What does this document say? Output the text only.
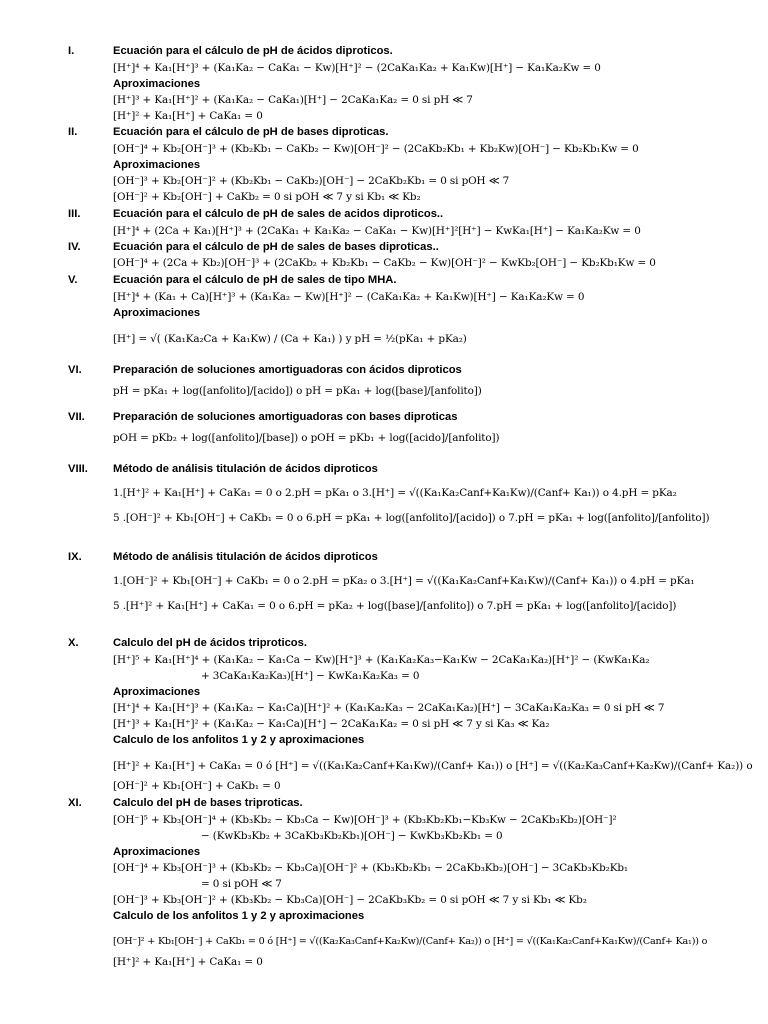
I.	Ecuación para el cálculo de pH de ácidos diproticos.
[H⁺]⁴ + Ka₁[H⁺]³ + (Ka₁Ka₂ − CaKa₁ − Kw)[H⁺]² − (2CaKa₁Ka₂ + Ka₁Kw)[H⁺] − Ka₁Ka₂Kw = 0
Aproximaciones
[H⁺]³ + Ka₁[H⁺]² + (Ka₁Ka₂ − CaKa₁)[H⁺] − 2CaKa₁Ka₂ = 0 si pH ≪ 7
[H⁺]² + Ka₁[H⁺] + CaKa₁ = 0
II.	Ecuación para el cálculo de pH de bases diproticas.
[OH⁻]⁴ + Kb₂[OH⁻]³ + (Kb₂Kb₁ − CaKb₂ − Kw)[OH⁻]² − (2CaKb₂Kb₁ + Kb₂Kw)[OH⁻] − Kb₂Kb₁Kw = 0
Aproximaciones
[OH⁻]³ + Kb₂[OH⁻]² + (Kb₂Kb₁ − CaKb₂)[OH⁻] − 2CaKb₂Kb₁ = 0 si pOH ≪ 7
[OH⁻]² + Kb₂[OH⁻] + CaKb₂ = 0 si pOH ≪ 7 y si Kb₁ ≪ Kb₂
III.	Ecuación para el cálculo de pH de sales de acidos diproticos..
[H⁺]⁴ + (2Ca + Ka₁)[H⁺]³ + (2CaKa₁ + Ka₁Ka₂ − CaKa₁ − Kw)[H⁺]²[H⁺] − KwKa₁[H⁺] − Ka₁Ka₂Kw = 0
IV.	Ecuación para el cálculo de pH de sales de bases diproticas..
[OH⁻]⁴ + (2Ca + Kb₂)[OH⁻]³ + (2CaKb₂ + Kb₂Kb₁ − CaKb₂ − Kw)[OH⁻]² − KwKb₂[OH⁻] − Kb₂Kb₁Kw = 0
V.	Ecuación para el cálculo de pH de sales de tipo MHA.
[H⁺]⁴ + (Ka₁ + Ca)[H⁺]³ + (Ka₁Ka₂ − Kw)[H⁺]² − (CaKa₁Ka₂ + Ka₁Kw)[H⁺] − Ka₁Ka₂Kw = 0
Aproximaciones
[H⁺] = √( (Ka₁Ka₂Ca + Ka₁Kw) / (Ca + Ka₁) ) y pH = ½(pKa₁ + pKa₂)
VI.	Preparación de soluciones amortiguadoras con ácidos diproticos
pH = pKa₁ + log([anfolito]/[acido]) o pH = pKa₁ + log([base]/[anfolito])
VII.	Preparación de soluciones amortiguadoras con bases diproticas
pOH = pKb₂ + log([anfolito]/[base]) o pOH = pKb₁ + log([acido]/[anfolito])
VIII. Método de análisis titulación de ácidos diproticos
1.[H⁺]² + Ka₁[H⁺] + CaKa₁ = 0 o 2.pH = pKa₁ o 3.[H⁺] = √((Ka₁Ka₂Canf+Ka₁Kw)/(Canf+ Ka₁)) o 4.pH = pKa₂
5 .[OH⁻]² + Kb₁[OH⁻] + CaKb₁ = 0 o 6.pH = pKa₁ + log([anfolito]/[acido]) o 7.pH = pKa₁ + log([anfolito]/[anfolito])
IX.	Método de análisis titulación de ácidos diproticos
1.[OH⁻]² + Kb₁[OH⁻] + CaKb₁ = 0 o 2.pH = pKa₂ o 3.[H⁺] = √((Ka₁Ka₂Canf+Ka₁Kw)/(Canf+ Ka₁)) o 4.pH = pKa₁
5 .[H⁺]² + Ka₁[H⁺] + CaKa₁ = 0 o 6.pH = pKa₂ + log([base]/[anfolito]) o 7.pH = pKa₁ + log([anfolito]/[acido])
X.	Calculo del pH de ácidos triproticos.
[H⁺]⁵ + Ka₁[H⁺]⁴ + (Ka₁Ka₂ − Ka₁Ca − Kw)[H⁺]³ + (Ka₁Ka₂Ka₃−Ka₁Kw − 2CaKa₁Ka₂)[H⁺]² − (KwKa₁Ka₂
+ 3CaKa₁Ka₂Ka₃)[H⁺] − KwKa₁Ka₂Ka₃ = 0
Aproximaciones
[H⁺]⁴ + Ka₁[H⁺]³ + (Ka₁Ka₂ − Ka₁Ca)[H⁺]² + (Ka₁Ka₂Ka₃ − 2CaKa₁Ka₂)[H⁺] − 3CaKa₁Ka₂Ka₃ = 0 si pH ≪ 7
[H⁺]³ + Ka₁[H⁺]² + (Ka₁Ka₂ − Ka₁Ca)[H⁺] − 2CaKa₁Ka₂ = 0 si pH ≪ 7 y si Ka₃ ≪ Ka₂
Calculo de los anfolitos 1 y 2 y aproximaciones
[H⁺]² + Ka₁[H⁺] + CaKa₁ = 0 ó [H⁺] = √((Ka₁Ka₂Canf+Ka₁Kw)/(Canf+ Ka₁)) o [H⁺] = √((Ka₂Ka₃Canf+Ka₂Kw)/(Canf+ Ka₂)) o
[OH⁻]² + Kb₁[OH⁻] + CaKb₁ = 0
XI.	Calculo del pH de bases triproticas.
[OH⁻]⁵ + Kb₃[OH⁻]⁴ + (Kb₃Kb₂ − Kb₃Ca − Kw)[OH⁻]³ + (Kb₃Kb₂Kb₁−Kb₃Kw − 2CaKb₃Kb₂)[OH⁻]²
− (KwKb₃Kb₂ + 3CaKb₃Kb₂Kb₁)[OH⁻] − KwKb₃Kb₂Kb₁ = 0
Aproximaciones
[OH⁻]⁴ + Kb₃[OH⁻]³ + (Kb₃Kb₂ − Kb₃Ca)[OH⁻]² + (Kb₃Kb₂Kb₁ − 2CaKb₃Kb₂)[OH⁻] − 3CaKb₃Kb₂Kb₁
= 0 si pOH ≪ 7
[OH⁻]³ + Kb₃[OH⁻]² + (Kb₃Kb₂ − Kb₃Ca)[OH⁻] − 2CaKb₃Kb₂ = 0 si pOH ≪ 7 y si Kb₁ ≪ Kb₂
Calculo de los anfolitos 1 y 2 y aproximaciones
[OH⁻]² + Kb₁[OH⁻] + CaKb₁ = 0 ó [H⁺] = √((Ka₂Ka₃Canf+Ka₂Kw)/(Canf+ Ka₂)) o [H⁺] = √((Ka₁Ka₂Canf+Ka₁Kw)/(Canf+ Ka₁)) o
[H⁺]² + Ka₁[H⁺] + CaKa₁ = 0
